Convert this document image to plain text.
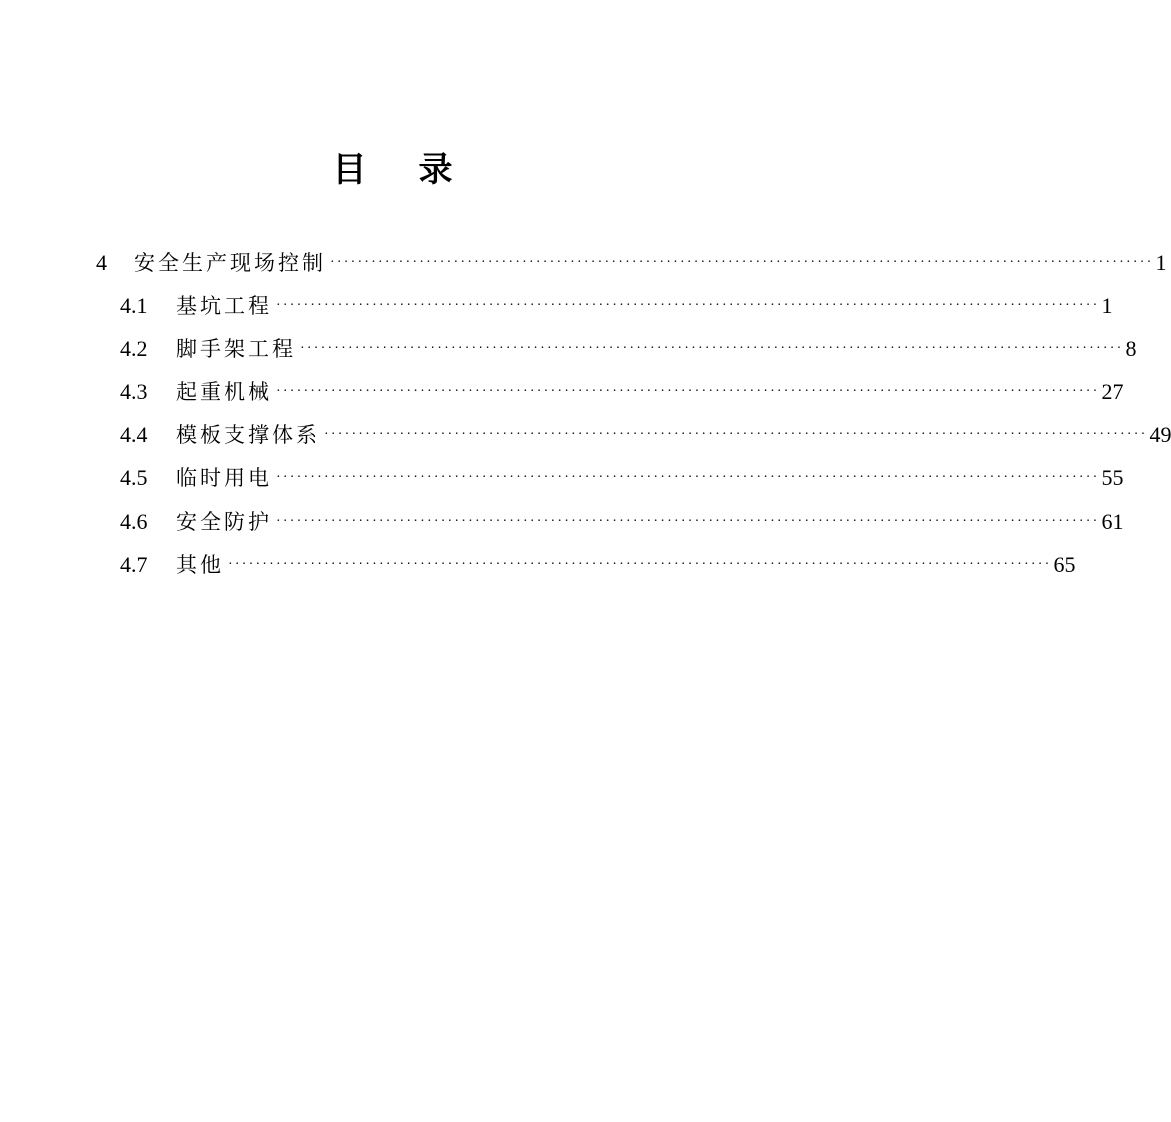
目 录
4	安全生产现场控制 ························································································································ 1
4.1	基坑工程 ························································································································ 1
4.2	脚手架工程 ························································································································ 8
4.3	起重机械 ························································································································ 27
4.4	模板支撑体系 ························································································································ 49
4.5	临时用电 ························································································································ 55
4.6	安全防护 ························································································································ 61
4.7	其他 ························································································································ 65
